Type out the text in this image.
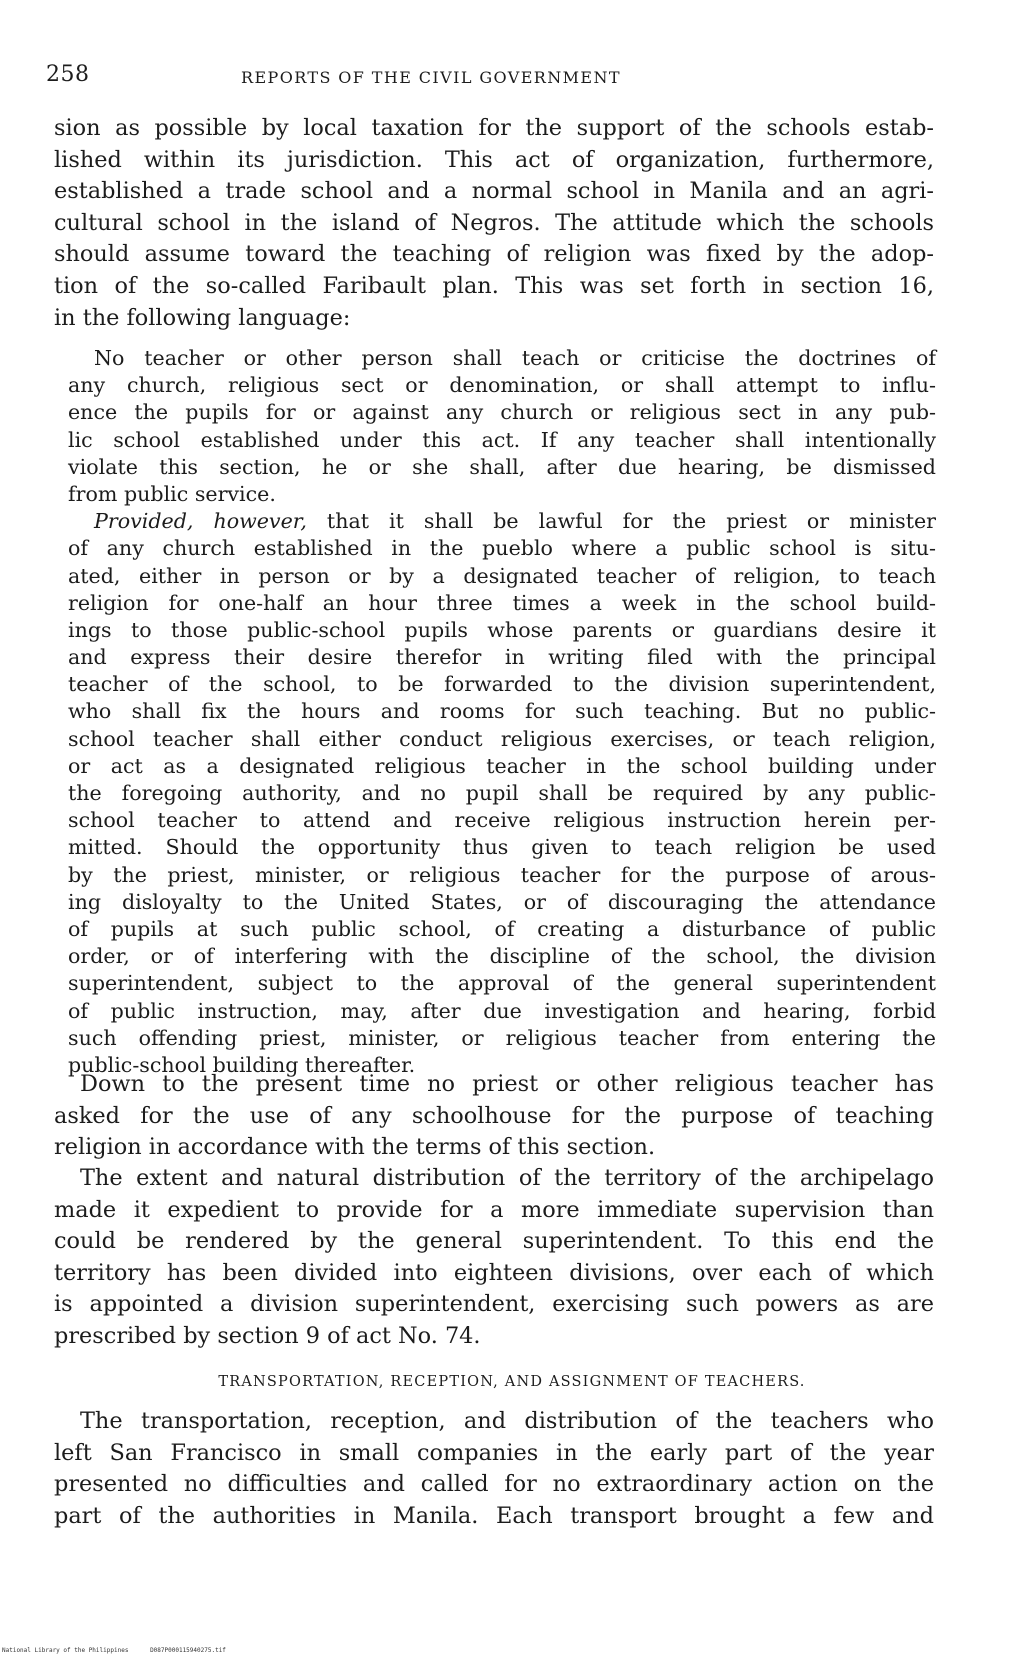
258	REPORTS OF THE CIVIL GOVERNMENT
sion as possible by local taxation for the support of the schools estab-
lished within its jurisdiction. This act of organization, furthermore,
established a trade school and a normal school in Manila and an agri-
cultural school in the island of Negros. The attitude which the schools
should assume toward the teaching of religion was fixed by the adop-
tion of the so-called Faribault plan. This was set forth in section 16,
in the following language:
No teacher or other person shall teach or criticise the doctrines of
any church, religious sect or denomination, or shall attempt to influ-
ence the pupils for or against any church or religious sect in any pub-
lic school established under this act. If any teacher shall intentionally
violate this section, he or she shall, after due hearing, be dismissed
from public service.
Provided, however, that it shall be lawful for the priest or minister
of any church established in the pueblo where a public school is situ-
ated, either in person or by a designated teacher of religion, to teach
religion for one-half an hour three times a week in the school build-
ings to those public-school pupils whose parents or guardians desire it
and express their desire therefor in writing filed with the principal
teacher of the school, to be forwarded to the division superintendent,
who shall fix the hours and rooms for such teaching. But no public-
school teacher shall either conduct religious exercises, or teach religion,
or act as a designated religious teacher in the school building under
the foregoing authority, and no pupil shall be required by any public-
school teacher to attend and receive religious instruction herein per-
mitted. Should the opportunity thus given to teach religion be used
by the priest, minister, or religious teacher for the purpose of arous-
ing disloyalty to the United States, or of discouraging the attendance
of pupils at such public school, of creating a disturbance of public
order, or of interfering with the discipline of the school, the division
superintendent, subject to the approval of the general superintendent
of public instruction, may, after due investigation and hearing, forbid
such offending priest, minister, or religious teacher from entering the
public-school building thereafter.
Down to the present time no priest or other religious teacher has
asked for the use of any schoolhouse for the purpose of teaching
religion in accordance with the terms of this section.
The extent and natural distribution of the territory of the archipelago
made it expedient to provide for a more immediate supervision than
could be rendered by the general superintendent. To this end the
territory has been divided into eighteen divisions, over each of which
is appointed a division superintendent, exercising such powers as are
prescribed by section 9 of act No. 74.
TRANSPORTATION, RECEPTION, AND ASSIGNMENT OF TEACHERS.
The transportation, reception, and distribution of the teachers who
left San Francisco in small companies in the early part of the year
presented no difficulties and called for no extraordinary action on the
part of the authorities in Manila. Each transport brought a few and
National Library of the Philippines	D087P000115940275.tif
